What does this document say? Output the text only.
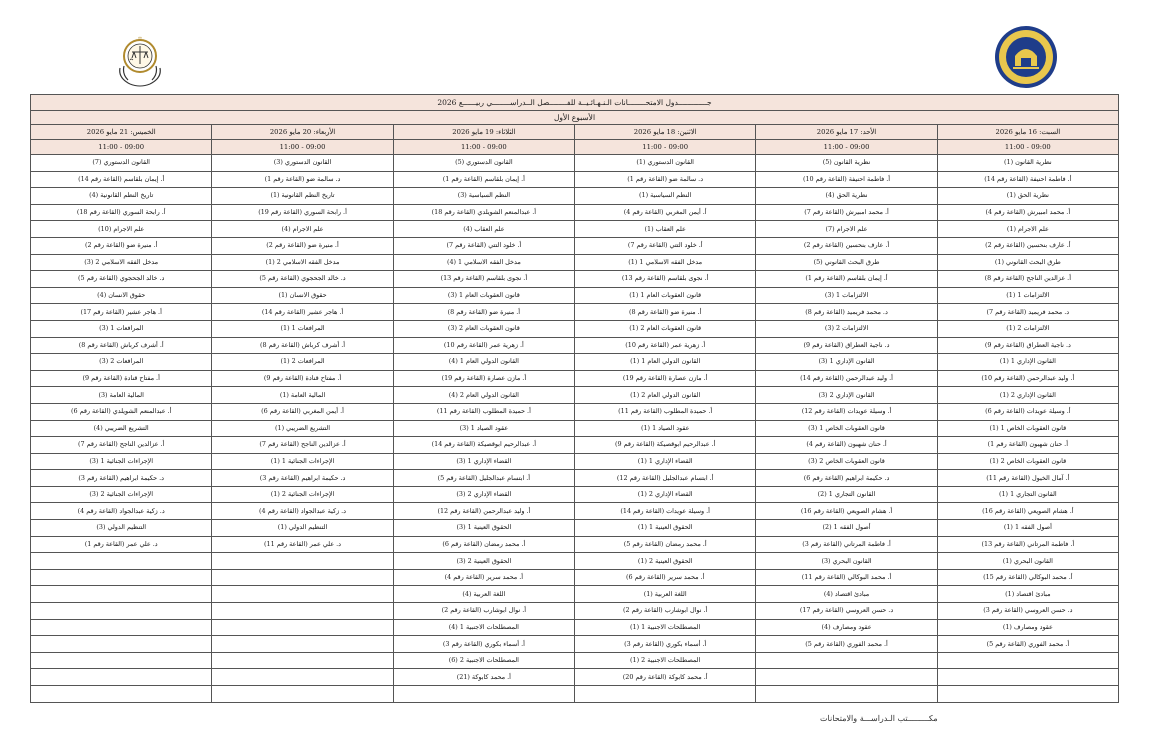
⚖
جـــــــــــــدول الامتحــــــــانات الـنـهـائـيــة للفــــــــصل الــدراســــــــي ربيــــــع 2026					
الأسبوع الأول					
السبت: 16 مايو 2026	الأحد: 17 مايو 2026	الاثنين: 18 مايو 2026	الثلاثاء: 19 مايو 2026	الأربعاء: 20 مايو 2026	الخميس: 21 مايو 2026
09:00 - 11:00	09:00 - 11:00	09:00 - 11:00	09:00 - 11:00	09:00 - 11:00	09:00 - 11:00
نظرية القانون (1)	نظرية القانون (5)	القانون الدستوري (1)	القانون الدستوري (5)	القانون الدستوري (3)	القانون الدستوري (7)
أ. فاطمة احنيفة (القاعة رقم 14)	أ. فاطمة احنيفة (القاعة رقم 10)	د. سالمة ضو (القاعة رقم 1)	أ. إيمان بلقاسم (القاعة رقم 1)	د. سالمة ضو (القاعة رقم 1)	أ. إيمان بلقاسم (القاعة رقم 14)
نظرية الحق (1)	نظرية الحق (4)	النظم السياسية (1)	النظم السياسية (3)	تاريخ النظم القانونية (1)	تاريخ النظم القانونية (4)
أ. محمد امبيرش (القاعة رقم 4)	أ. محمد امبيرش (القاعة رقم 7)	أ. أيمن المغربي (القاعة رقم 4)	أ. عبدالمنعم الشويلدي (القاعة رقم 18)	أ. رابحة السوري (القاعة رقم 19)	أ. رابحة السوري (القاعة رقم 18)
علم الاجرام (1)	علم الاجرام (7)	علم العقاب (1)	علم العقاب (4)	علم الاجرام (4)	علم الاجرام (10)
أ. عارف بنحسين (القاعة رقم 2)	أ. عارف بنحسين (القاعة رقم 2)	أ. خلود التتي (القاعة رقم 7)	أ. خلود التتي (القاعة رقم 7)	أ. منيرة ضو (القاعة رقم 2)	أ. منيرة ضو (القاعة رقم 2)
طرق البحث القانوني (1)	طرق البحث القانوني (5)	مدخل الفقه الاسلامي 1 (1)	مدخل الفقه الاسلامي 1 (4)	مدخل الفقه الاسلامي 2 (1)	مدخل الفقه الاسلامي 2 (3)
أ. عزالدين الناجح (القاعة رقم 8)	أ. إيمان بلقاسم (القاعة رقم 1)	أ. نجوى بلقاسم (القاعة رقم 13)	أ. نجوى بلقاسم (القاعة رقم 13)	د. خالد الجحجوي (القاعة رقم 5)	د. خالد الجحجوي (القاعة رقم 5)
الالتزامات 1 (1)	الالتزامات 1 (3)	قانون العقوبات العام 1 (1)	قانون العقوبات العام 1 (3)	حقوق الانسان (1)	حقوق الانسان (4)
د. محمد فريميد (القاعة رقم 7)	د. محمد فريميد (القاعة رقم 8)	أ. منيرة ضو (القاعة رقم 8)	أ. منيرة ضو (القاعة رقم 8)	أ. هاجر عشير (القاعة رقم 14)	أ. هاجر عشير (القاعة رقم 17)
الالتزامات 2 (1)	الالتزامات 2 (3)	قانون العقوبات العام 2 (1)	قانون العقوبات العام 2 (3)	المرافعات 1 (1)	المرافعات 1 (3)
د. ناجية العطراق (القاعة رقم 9)	د. ناجية العطراق (القاعة رقم 9)	أ. زهرية عمر (القاعة رقم 10)	أ. زهرية عمر (القاعة رقم 10)	أ. أشرف كرباش (القاعة رقم 8)	أ. أشرف كرباش (القاعة رقم 8)
القانون الإداري 1 (1)	القانون الإداري 1 (3)	القانون الدولي العام 1 (1)	القانون الدولي العام 1 (4)	المرافعات 2 (1)	المرافعات 2 (3)
أ. وليد عبدالرحمن (القاعة رقم 10)	أ. وليد عبدالرحمن (القاعة رقم 14)	أ. مازن عصارة (القاعة رقم 19)	أ. مازن عصارة (القاعة رقم 19)	أ. مفتاح قنادة (القاعة رقم 9)	أ. مفتاح قنادة (القاعة رقم 9)
القانون الإداري 2 (1)	القانون الإداري 2 (3)	القانون الدولي العام 2 (1)	القانون الدولي العام 2 (4)	المالية العامة (1)	المالية العامة (3)
أ. وسيلة عويدات (القاعة رقم 6)	أ. وسيلة عويدات (القاعة رقم 12)	أ. حميدة المطلوب (القاعة رقم 11)	أ. حميدة المطلوب (القاعة رقم 11)	أ. أيمن المغربي (القاعة رقم 6)	أ. عبدالمنعم الشويلدي (القاعة رقم 6)
قانون العقوبات الخاص 1 (1)	قانون العقوبات الخاص 1 (3)	عقود الصياد 1 (1)	عقود الصياد 1 (3)	التشريع الضريبي (1)	التشريع الضريبي (4)
أ. حنان شهبون (القاعة رقم 1)	أ. حنان شهبون (القاعة رقم 4)	أ. عبدالرحيم ابوقصيكة (القاعة رقم 9)	أ. عبدالرحيم ابوقصيكة (القاعة رقم 14)	أ. عزالدين الناجح (القاعة رقم 7)	أ. عزالدين الناجح (القاعة رقم 7)
قانون العقوبات الخاص 2 (1)	قانون العقوبات الخاص 2 (3)	القضاء الإداري 1 (1)	القضاء الإداري 1 (3)	الإجراءات الجنائية 1 (1)	الإجراءات الجنائية 1 (3)
أ. آمال الخيول (القاعة رقم 11)	د. حكيمة ابراهيم (القاعة رقم 6)	أ. ابتسام عبدالجليل (القاعة رقم 12)	أ. ابتسام عبدالجليل (القاعة رقم 5)	د. حكيمة ابراهيم (القاعة رقم 3)	د. حكيمة ابراهيم (القاعة رقم 3)
القانون التجاري 1 (1)	القانون التجاري 1 (2)	القضاء الإداري 2 (1)	القضاء الإداري 2 (3)	الإجراءات الجنائية 2 (1)	الإجراءات الجنائية 2 (3)
أ. هشام الصويعي (القاعة رقم 16)	أ. هشام الصويعي (القاعة رقم 16)	أ. وسيلة عويدات (القاعة رقم 14)	أ. وليد عبدالرحمن (القاعة رقم 12)	د. زكية عبدالجواد (القاعة رقم 4)	د. زكية عبدالجواد (القاعة رقم 4)
أصول الفقه 1 (1)	أصول الفقه 1 (2)	الحقوق العينية 1 (1)	الحقوق العينية 1 (3)	التنظيم الدولي (1)	التنظيم الدولي (3)
أ. فاطمة المرتاني (القاعة رقم 13)	أ. فاطمة المرتاني (القاعة رقم 3)	أ. محمد رمضان (القاعة رقم 5)	أ. محمد رمضان (القاعة رقم 6)	د. علي عمر (القاعة رقم 11)	د. علي عمر (القاعة رقم 1)
القانون البحري (1)	القانون البحري (3)	الحقوق العينية 2 (1)	الحقوق العينية 2 (3)		
أ. محمد البوكالي (القاعة رقم 15)	أ. محمد البوكالي (القاعة رقم 11)	أ. محمد سرير (القاعة رقم 6)	أ. محمد سرير (القاعة رقم 4)		
مبادئ اقتصاد (1)	مبادئ اقتصاد (4)	اللغة العربية (1)	اللغة العربية (4)		
د. حسن العروسي (القاعة رقم 3)	د. حسن العروسي (القاعة رقم 17)	أ. نوال ابوشارب (القاعة رقم 2)	أ. نوال ابوشارب (القاعة رقم 2)		
عقود ومصارف (1)	عقود ومصارف (4)	المصطلحات الاجنبية 1 (1)	المصطلحات الاجنبية 1 (4)		
أ. محمد الفوري (القاعة رقم 5)	أ. محمد الفوري (القاعة رقم 5)	أ. أسماء بكوري (القاعة رقم 3)	أ. أسماء بكوري (القاعة رقم 3)		
		المصطلحات الاجنبية 2 (1)	المصطلحات الاجنبية 2 (6)		
		أ. محمد كابوكة (القاعة رقم 20)	أ. محمد كابوكة (21)		

مكـــــــــتب الـدراســـة والامتحانات
